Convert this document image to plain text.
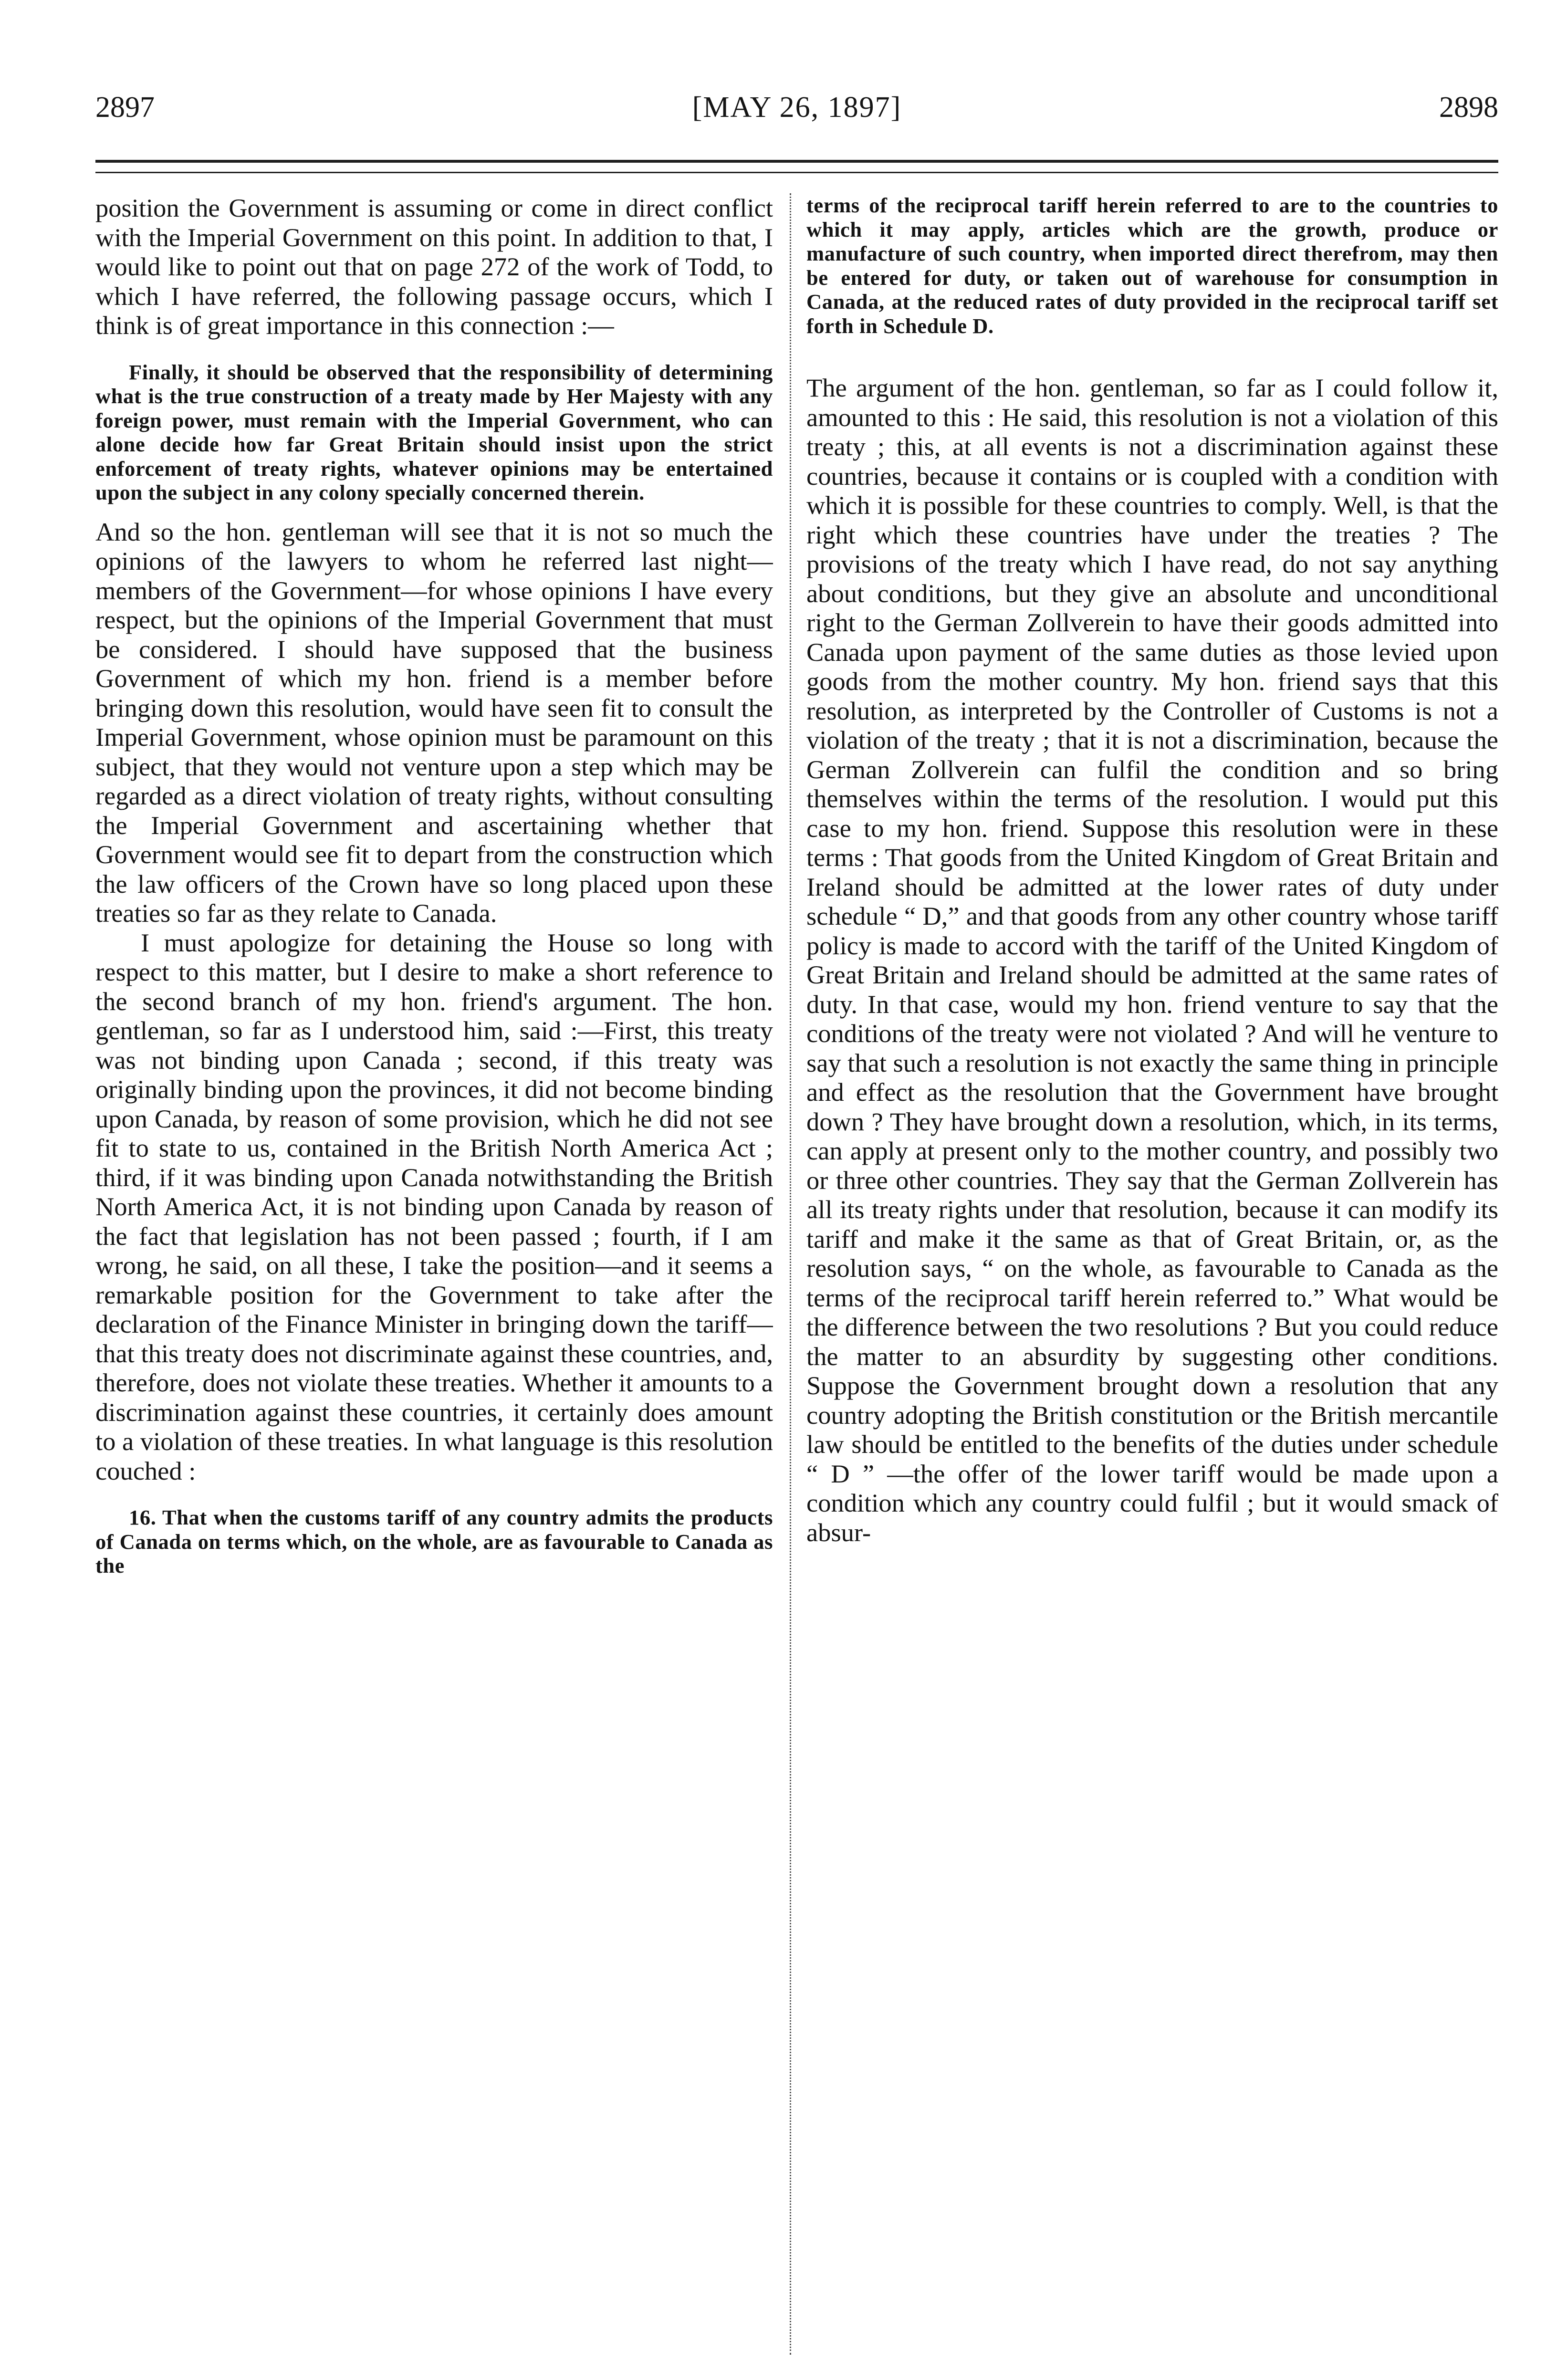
2897	[MAY 26, 1897]	2898

position the Government is assuming or come in direct conflict with the Imperial Government on this point. In addition to that, I would like to point out that on page 272 of the work of Todd, to which I have referred, the following passage occurs, which I think is of great importance in this connection :—

Finally, it should be observed that the responsibility of determining what is the true construction of a treaty made by Her Majesty with any foreign power, must remain with the Imperial Government, who can alone decide how far Great Britain should insist upon the strict enforcement of treaty rights, whatever opinions may be entertained upon the subject in any colony specially concerned therein.

And so the hon. gentleman will see that it is not so much the opinions of the lawyers to whom he referred last night—members of the Government—for whose opinions I have every respect, but the opinions of the Imperial Government that must be considered. I should have supposed that the business Government of which my hon. friend is a member before bringing down this resolution, would have seen fit to consult the Imperial Government, whose opinion must be paramount on this subject, that they would not venture upon a step which may be regarded as a direct violation of treaty rights, without consulting the Imperial Government and ascertaining whether that Government would see fit to depart from the construction which the law officers of the Crown have so long placed upon these treaties so far as they relate to Canada.

I must apologize for detaining the House so long with respect to this matter, but I desire to make a short reference to the second branch of my hon. friend's argument. The hon. gentleman, so far as I understood him, said :—First, this treaty was not binding upon Canada ; second, if this treaty was originally binding upon the provinces, it did not become binding upon Canada, by reason of some provision, which he did not see fit to state to us, contained in the British North America Act ; third, if it was binding upon Canada notwithstanding the British North America Act, it is not binding upon Canada by reason of the fact that legislation has not been passed ; fourth, if I am wrong, he said, on all these, I take the position—and it seems a remarkable position for the Government to take after the declaration of the Finance Minister in bringing down the tariff—that this treaty does not discriminate against these countries, and, therefore, does not violate these treaties. Whether it amounts to a discrimination against these countries, it certainly does amount to a violation of these treaties. In what language is this resolution couched :

16. That when the customs tariff of any country admits the products of Canada on terms which, on the whole, are as favourable to Canada as the

terms of the reciprocal tariff herein referred to are to the countries to which it may apply, articles which are the growth, produce or manufacture of such country, when imported direct therefrom, may then be entered for duty, or taken out of warehouse for consumption in Canada, at the reduced rates of duty provided in the reciprocal tariff set forth in Schedule D.

The argument of the hon. gentleman, so far as I could follow it, amounted to this : He said, this resolution is not a violation of this treaty ; this, at all events is not a discrimination against these countries, because it contains or is coupled with a condition with which it is possible for these countries to comply. Well, is that the right which these countries have under the treaties ? The provisions of the treaty which I have read, do not say anything about conditions, but they give an absolute and unconditional right to the German Zollverein to have their goods admitted into Canada upon payment of the same duties as those levied upon goods from the mother country. My hon. friend says that this resolution, as interpreted by the Controller of Customs is not a violation of the treaty ; that it is not a discrimination, because the German Zollverein can fulfil the condition and so bring themselves within the terms of the resolution. I would put this case to my hon. friend. Suppose this resolution were in these terms : That goods from the United Kingdom of Great Britain and Ireland should be admitted at the lower rates of duty under schedule “ D,” and that goods from any other country whose tariff policy is made to accord with the tariff of the United Kingdom of Great Britain and Ireland should be admitted at the same rates of duty. In that case, would my hon. friend venture to say that the conditions of the treaty were not violated ? And will he venture to say that such a resolution is not exactly the same thing in principle and effect as the resolution that the Government have brought down ? They have brought down a resolution, which, in its terms, can apply at present only to the mother country, and possibly two or three other countries. They say that the German Zollverein has all its treaty rights under that resolution, because it can modify its tariff and make it the same as that of Great Britain, or, as the resolution says, “ on the whole, as favourable to Canada as the terms of the reciprocal tariff herein referred to.” What would be the difference between the two resolutions ? But you could reduce the matter to an absurdity by suggesting other conditions. Suppose the Government brought down a resolution that any country adopting the British constitution or the British mercantile law should be entitled to the benefits of the duties under schedule “ D ” —the offer of the lower tariff would be made upon a condition which any country could fulfil ; but it would smack of absur-
